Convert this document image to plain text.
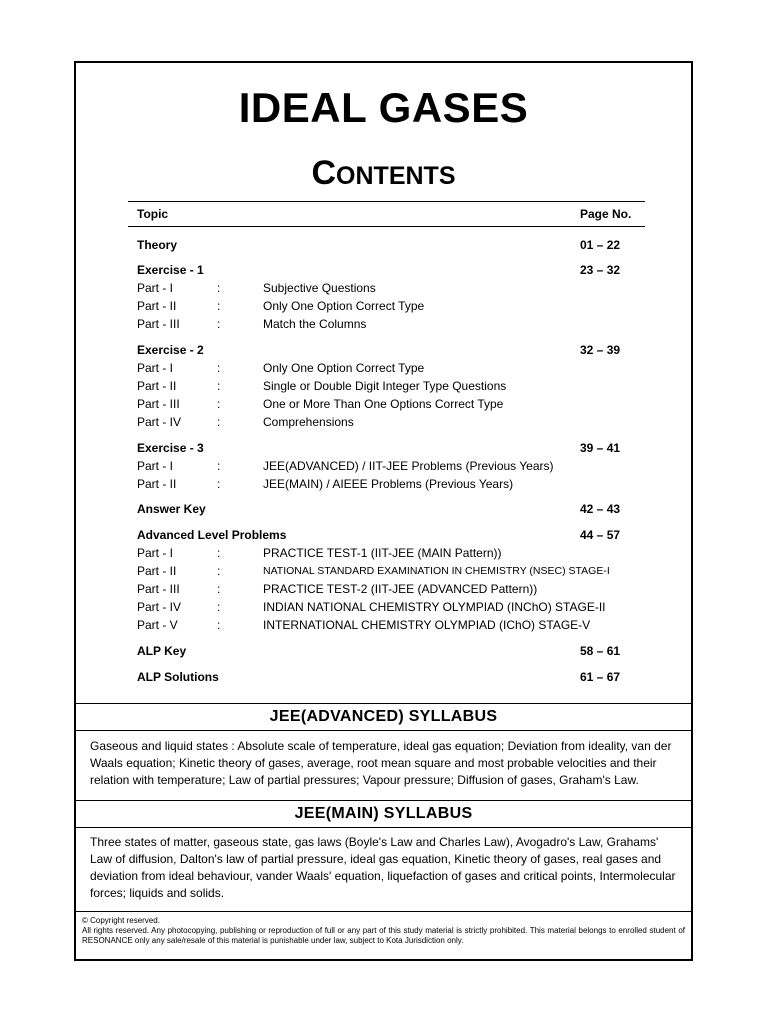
IDEAL GASES
CONTENTS
Topic	Page No.
Theory	01 – 22
Exercise - 1	23 – 32
Part - I	:	Subjective Questions
Part - II	:	Only One Option Correct Type
Part - III	:	Match the Columns
Exercise - 2	32 – 39
Part - I	:	Only One Option Correct Type
Part - II	:	Single or Double Digit Integer Type Questions
Part - III	:	One or More Than One Options Correct Type
Part - IV	:	Comprehensions
Exercise - 3	39 – 41
Part - I	:	JEE(ADVANCED) / IIT-JEE Problems (Previous Years)
Part - II	:	JEE(MAIN) / AIEEE Problems (Previous Years)
Answer Key	42 – 43
Advanced Level Problems	44 – 57
Part - I	:	PRACTICE TEST-1 (IIT-JEE (MAIN Pattern))
Part - II	:	NATIONAL STANDARD EXAMINATION IN CHEMISTRY (NSEC) STAGE-I
Part - III	:	PRACTICE TEST-2 (IIT-JEE (ADVANCED Pattern))
Part - IV	:	INDIAN NATIONAL CHEMISTRY OLYMPIAD (INChO) STAGE-II
Part - V	:	INTERNATIONAL CHEMISTRY OLYMPIAD (IChO) STAGE-V
ALP Key	58 – 61
ALP Solutions	61 – 67
JEE(ADVANCED) SYLLABUS
Gaseous and liquid states : Absolute scale of temperature, ideal gas equation; Deviation from ideality, van der Waals equation; Kinetic theory of gases, average, root mean square and most probable velocities and their relation with temperature; Law of partial pressures; Vapour pressure; Diffusion of gases, Graham's Law.
JEE(MAIN) SYLLABUS
Three states of matter, gaseous state, gas laws (Boyle's Law and Charles Law), Avogadro's Law, Grahams' Law of diffusion, Dalton's law of partial pressure, ideal gas equation, Kinetic theory of gases, real gases and deviation from ideal behaviour, vander Waals' equation, liquefaction of gases and critical points, Intermolecular forces; liquids and solids.
© Copyright reserved.
All rights reserved. Any photocopying, publishing or reproduction of full or any part of this study material is strictly prohibited. This material belongs to enrolled student of RESONANCE only any sale/resale of this material is punishable under law, subject to Kota Jurisdiction only.
